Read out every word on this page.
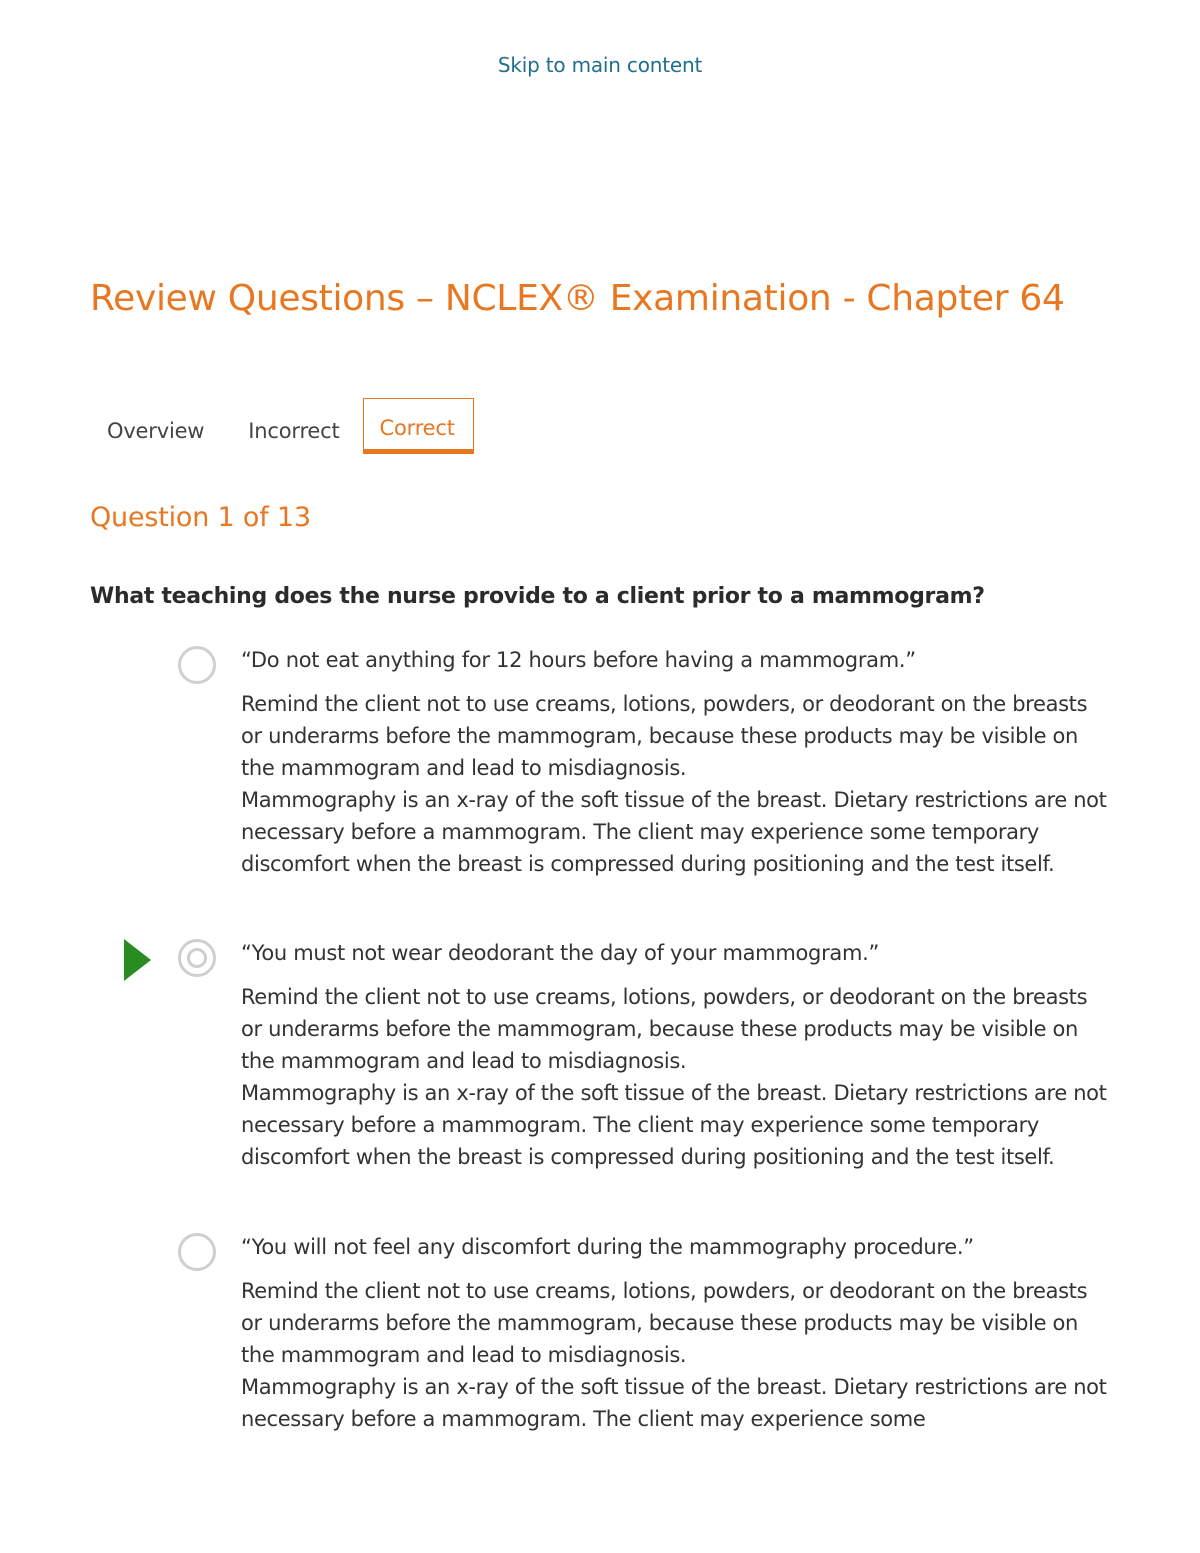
Skip to main content
Review Questions – NCLEX® Examination - Chapter 64
Overview	Incorrect	Correct
Question 1 of 13

What teaching does the nurse provide to a client prior to a mammogram?

“Do not eat anything for 12 hours before having a mammogram.”

Remind the client not to use creams, lotions, powders, or deodorant on the breasts or underarms before the mammogram, because these products may be visible on the mammogram and lead to misdiagnosis.

Mammography is an x-ray of the soft tissue of the breast. Dietary restrictions are not necessary before a mammogram. The client may experience some temporary discomfort when the breast is compressed during positioning and the test itself.

“You must not wear deodorant the day of your mammogram.”

Remind the client not to use creams, lotions, powders, or deodorant on the breasts or underarms before the mammogram, because these products may be visible on the mammogram and lead to misdiagnosis.

Mammography is an x-ray of the soft tissue of the breast. Dietary restrictions are not necessary before a mammogram. The client may experience some temporary discomfort when the breast is compressed during positioning and the test itself.

“You will not feel any discomfort during the mammography procedure.”

Remind the client not to use creams, lotions, powders, or deodorant on the breasts or underarms before the mammogram, because these products may be visible on the mammogram and lead to misdiagnosis.

Mammography is an x-ray of the soft tissue of the breast. Dietary restrictions are not necessary before a mammogram. The client may experience some
